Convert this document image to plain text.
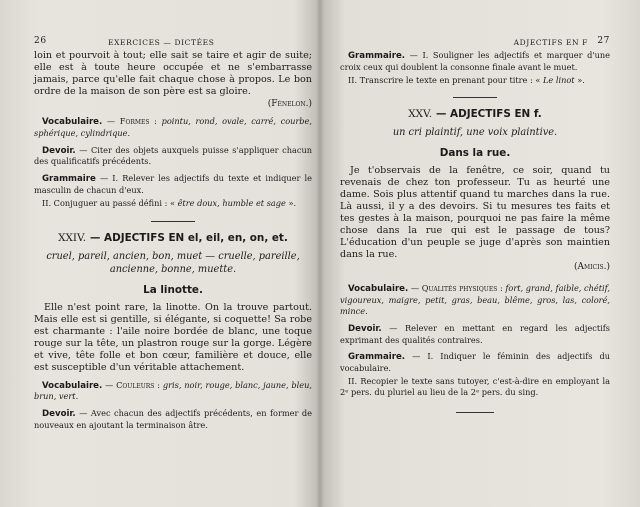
26	EXERCICES — DICTÉES

loin et pourvoit à tout; elle sait se taire et agir de suite; elle est à toute heure occupée et ne s'embarrasse jamais, parce qu'elle fait chaque chose à propos. Le bon ordre de la maison de son père est sa gloire.
(Fénelon.)

Vocabulaire. — Formes : pointu, rond, ovale, carré, courbe, sphérique, cylindrique.

Devoir. — Citer des objets auxquels puisse s'appliquer chacun des qualificatifs précédents.

Grammaire — I. Relever les adjectifs du texte et indiquer le masculin de chacun d'eux.

II. Conjuguer au passé défini : « être doux, humble et sage ».

XXIV. — ADJECTIFS EN el, eil, en, on, et.

cruel, pareil, ancien, bon, muet — cruelle, pareille, ancienne, bonne, muette.

La linotte.

Elle n'est point rare, la linotte. On la trouve partout. Mais elle est si gentille, si élégante, si coquette! Sa robe est charmante : l'aile noire bordée de blanc, une toque rouge sur la tête, un plastron rouge sur la gorge. Légère et vive, tête folle et bon cœur, familière et douce, elle est susceptible d'un véritable attachement.

Vocabulaire. — Couleurs : gris, noir, rouge, blanc, jaune, bleu, brun, vert.

Devoir. — Avec chacun des adjectifs précédents, en former de nouveaux en ajoutant la terminaison âtre.

ADJECTIFS EN F 27

Grammaire. — I. Souligner les adjectifs et marquer d'une croix ceux qui doublent la consonne finale avant le muet.

II. Transcrire le texte en prenant pour titre : « Le linot ».

XXV. — ADJECTIFS EN f.

un cri plaintif, une voix plaintive.

Dans la rue.

Je t'observais de la fenêtre, ce soir, quand tu revenais de chez ton professeur. Tu as heurté une dame. Sois plus attentif quand tu marches dans la rue. Là aussi, il y a des devoirs. Si tu mesures tes faits et tes gestes à la maison, pourquoi ne pas faire la même chose dans la rue qui est le passage de tous? L'éducation d'un peuple se juge d'après son maintien dans la rue.
(Amicis.)

Vocabulaire. — Qualités physiques : fort, grand, faible, chétif, vigoureux, maigre, petit, gras, beau, blême, gros, las, coloré, mince.

Devoir. — Relever en mettant en regard les adjectifs exprimant des qualités contraires.

Grammaire. — I. Indiquer le féminin des adjectifs du vocabulaire.

II. Recopier le texte sans tutoyer, c'est-à-dire en employant la 2ᵉ pers. du pluriel au lieu de la 2ᵉ pers. du sing.
